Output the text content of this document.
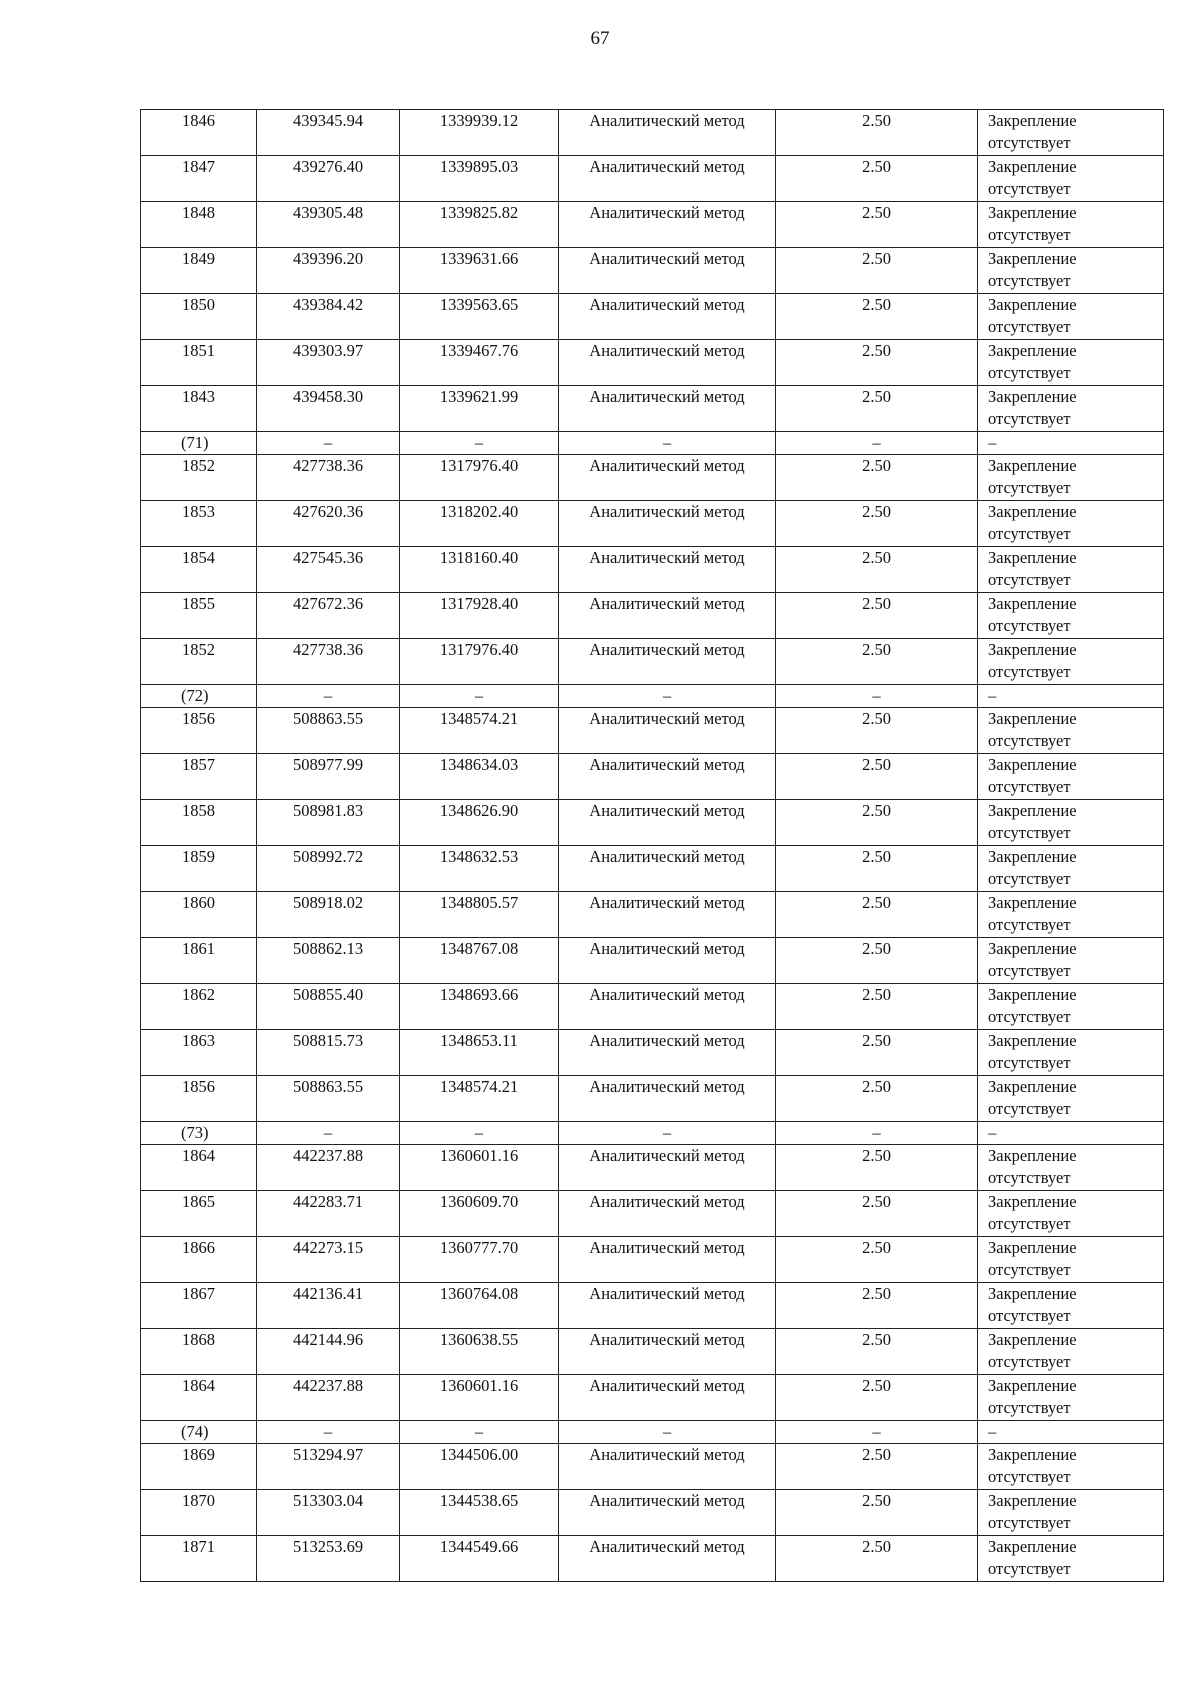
67
1846	439345.94	1339939.12	Аналитический метод	2.50	Закрепление отсутствует
1847	439276.40	1339895.03	Аналитический метод	2.50	Закрепление отсутствует
1848	439305.48	1339825.82	Аналитический метод	2.50	Закрепление отсутствует
1849	439396.20	1339631.66	Аналитический метод	2.50	Закрепление отсутствует
1850	439384.42	1339563.65	Аналитический метод	2.50	Закрепление отсутствует
1851	439303.97	1339467.76	Аналитический метод	2.50	Закрепление отсутствует
1843	439458.30	1339621.99	Аналитический метод	2.50	Закрепление отсутствует
(71)	–	–	–	–	–
1852	427738.36	1317976.40	Аналитический метод	2.50	Закрепление отсутствует
1853	427620.36	1318202.40	Аналитический метод	2.50	Закрепление отсутствует
1854	427545.36	1318160.40	Аналитический метод	2.50	Закрепление отсутствует
1855	427672.36	1317928.40	Аналитический метод	2.50	Закрепление отсутствует
1852	427738.36	1317976.40	Аналитический метод	2.50	Закрепление отсутствует
(72)	–	–	–	–	–
1856	508863.55	1348574.21	Аналитический метод	2.50	Закрепление отсутствует
1857	508977.99	1348634.03	Аналитический метод	2.50	Закрепление отсутствует
1858	508981.83	1348626.90	Аналитический метод	2.50	Закрепление отсутствует
1859	508992.72	1348632.53	Аналитический метод	2.50	Закрепление отсутствует
1860	508918.02	1348805.57	Аналитический метод	2.50	Закрепление отсутствует
1861	508862.13	1348767.08	Аналитический метод	2.50	Закрепление отсутствует
1862	508855.40	1348693.66	Аналитический метод	2.50	Закрепление отсутствует
1863	508815.73	1348653.11	Аналитический метод	2.50	Закрепление отсутствует
1856	508863.55	1348574.21	Аналитический метод	2.50	Закрепление отсутствует
(73)	–	–	–	–	–
1864	442237.88	1360601.16	Аналитический метод	2.50	Закрепление отсутствует
1865	442283.71	1360609.70	Аналитический метод	2.50	Закрепление отсутствует
1866	442273.15	1360777.70	Аналитический метод	2.50	Закрепление отсутствует
1867	442136.41	1360764.08	Аналитический метод	2.50	Закрепление отсутствует
1868	442144.96	1360638.55	Аналитический метод	2.50	Закрепление отсутствует
1864	442237.88	1360601.16	Аналитический метод	2.50	Закрепление отсутствует
(74)	–	–	–	–	–
1869	513294.97	1344506.00	Аналитический метод	2.50	Закрепление отсутствует
1870	513303.04	1344538.65	Аналитический метод	2.50	Закрепление отсутствует
1871	513253.69	1344549.66	Аналитический метод	2.50	Закрепление отсутствует
